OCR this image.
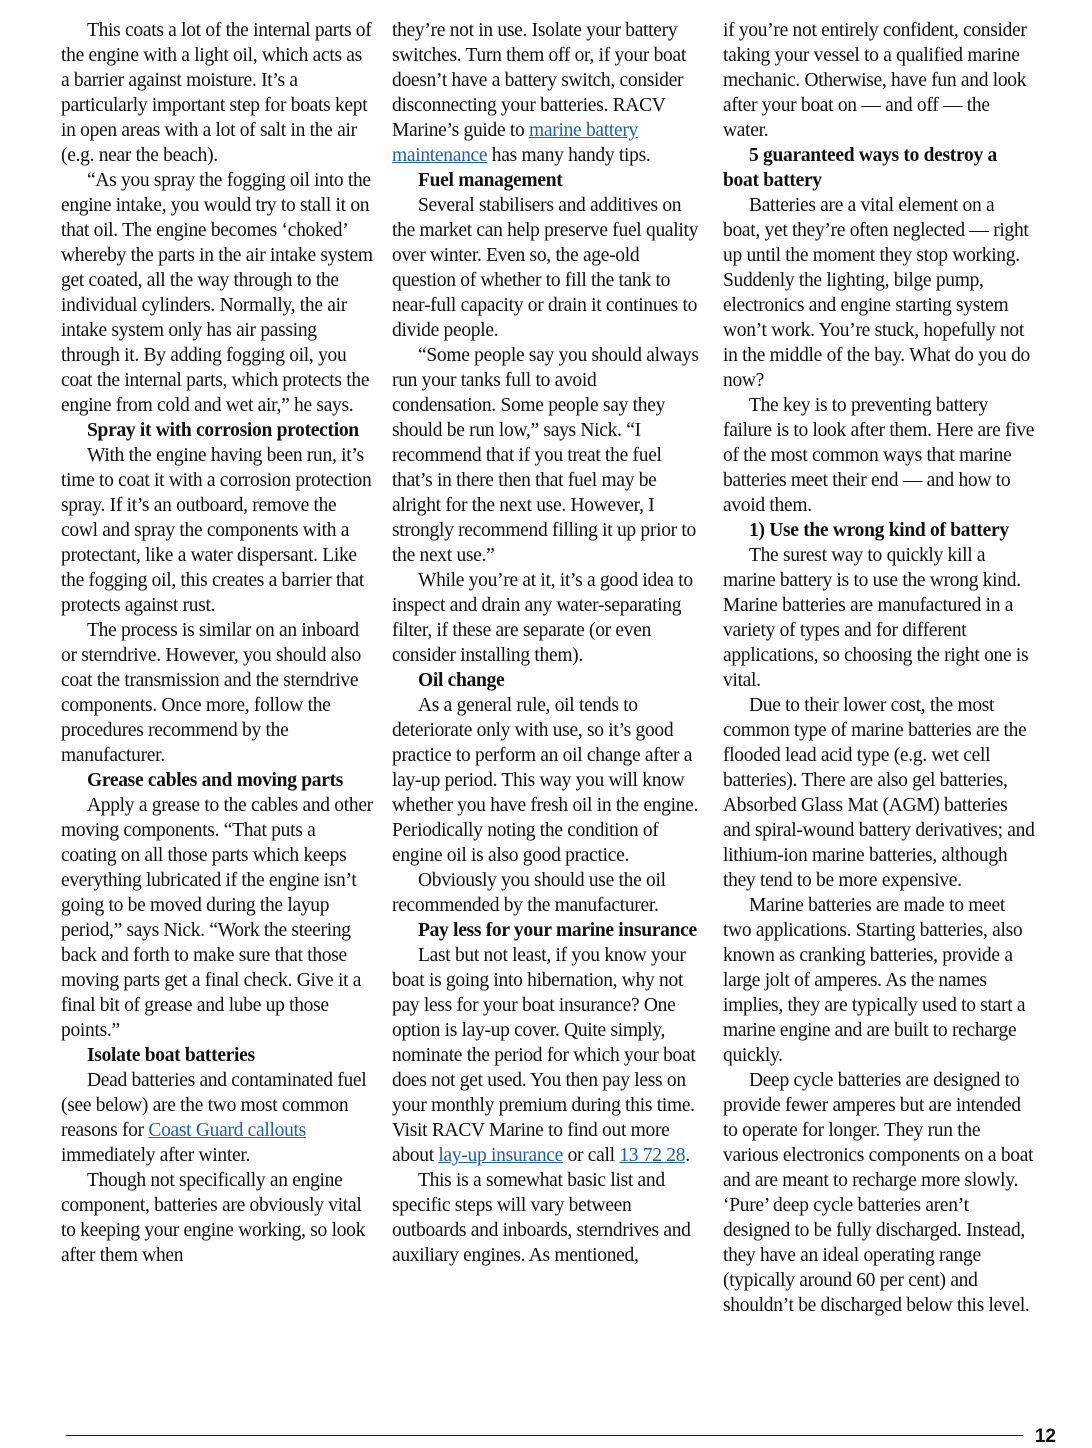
This coats a lot of the internal parts of the engine with a light oil, which acts as a barrier against moisture. It’s a particularly important step for boats kept in open areas with a lot of salt in the air (e.g. near the beach).

“As you spray the fogging oil into the engine intake, you would try to stall it on that oil. The engine becomes ‘choked’ whereby the parts in the air intake system get coated, all the way through to the individual cylinders. Normally, the air intake system only has air passing through it. By adding fogging oil, you coat the internal parts, which protects the engine from cold and wet air,” he says.

Spray it with corrosion protection

With the engine having been run, it’s time to coat it with a corrosion protection spray. If it’s an outboard, remove the cowl and spray the components with a protectant, like a water dispersant. Like the fogging oil, this creates a barrier that protects against rust.

The process is similar on an inboard or sterndrive. However, you should also coat the transmission and the sterndrive components. Once more, follow the procedures recommend by the manufacturer.

Grease cables and moving parts

Apply a grease to the cables and other moving components. “That puts a coating on all those parts which keeps everything lubricated if the engine isn’t going to be moved during the layup period,” says Nick. “Work the steering back and forth to make sure that those moving parts get a final check. Give it a final bit of grease and lube up those points.”

Isolate boat batteries

Dead batteries and contaminated fuel (see below) are the two most common reasons for Coast Guard callouts immediately after winter.

Though not specifically an engine component, batteries are obviously vital to keeping your engine working, so look after them when

they’re not in use. Isolate your battery switches. Turn them off or, if your boat doesn’t have a battery switch, consider disconnecting your batteries. RACV Marine’s guide to marine battery maintenance has many handy tips.

Fuel management

Several stabilisers and additives on the market can help preserve fuel quality over winter. Even so, the age-old question of whether to fill the tank to near-full capacity or drain it continues to divide people.

“Some people say you should always run your tanks full to avoid condensation. Some people say they should be run low,” says Nick. “I recommend that if you treat the fuel that’s in there then that fuel may be alright for the next use. However, I strongly recommend filling it up prior to the next use.”

While you’re at it, it’s a good idea to inspect and drain any water-separating filter, if these are separate (or even consider installing them).

Oil change

As a general rule, oil tends to deteriorate only with use, so it’s good practice to perform an oil change after a lay-up period. This way you will know whether you have fresh oil in the engine. Periodically noting the condition of engine oil is also good practice.

Obviously you should use the oil recommended by the manufacturer.

Pay less for your marine insurance

Last but not least, if you know your boat is going into hibernation, why not pay less for your boat insurance? One option is lay-up cover. Quite simply, nominate the period for which your boat does not get used. You then pay less on your monthly premium during this time. Visit RACV Marine to find out more about lay-up insurance or call 13 72 28.

This is a somewhat basic list and specific steps will vary between outboards and inboards, sterndrives and auxiliary engines. As mentioned,

if you’re not entirely confident, consider taking your vessel to a qualified marine mechanic. Otherwise, have fun and look after your boat on — and off — the water.

5 guaranteed ways to destroy a boat battery

Batteries are a vital element on a boat, yet they’re often neglected — right up until the moment they stop working. Suddenly the lighting, bilge pump, electronics and engine starting system won’t work. You’re stuck, hopefully not in the middle of the bay. What do you do now?

The key is to preventing battery failure is to look after them. Here are five of the most common ways that marine batteries meet their end — and how to avoid them.

1) Use the wrong kind of battery

The surest way to quickly kill a marine battery is to use the wrong kind. Marine batteries are manufactured in a variety of types and for different applications, so choosing the right one is vital.

Due to their lower cost, the most common type of marine batteries are the flooded lead acid type (e.g. wet cell batteries). There are also gel batteries, Absorbed Glass Mat (AGM) batteries and spiral-wound battery derivatives; and lithium-ion marine batteries, although they tend to be more expensive.

Marine batteries are made to meet two applications. Starting batteries, also known as cranking batteries, provide a large jolt of amperes. As the names implies, they are typically used to start a marine engine and are built to recharge quickly.

Deep cycle batteries are designed to provide fewer amperes but are intended to operate for longer. They run the various electronics components on a boat and are meant to recharge more slowly. ‘Pure’ deep cycle batteries aren’t designed to be fully discharged. Instead, they have an ideal operating range (typically around 60 per cent) and shouldn’t be discharged below this level.

12
